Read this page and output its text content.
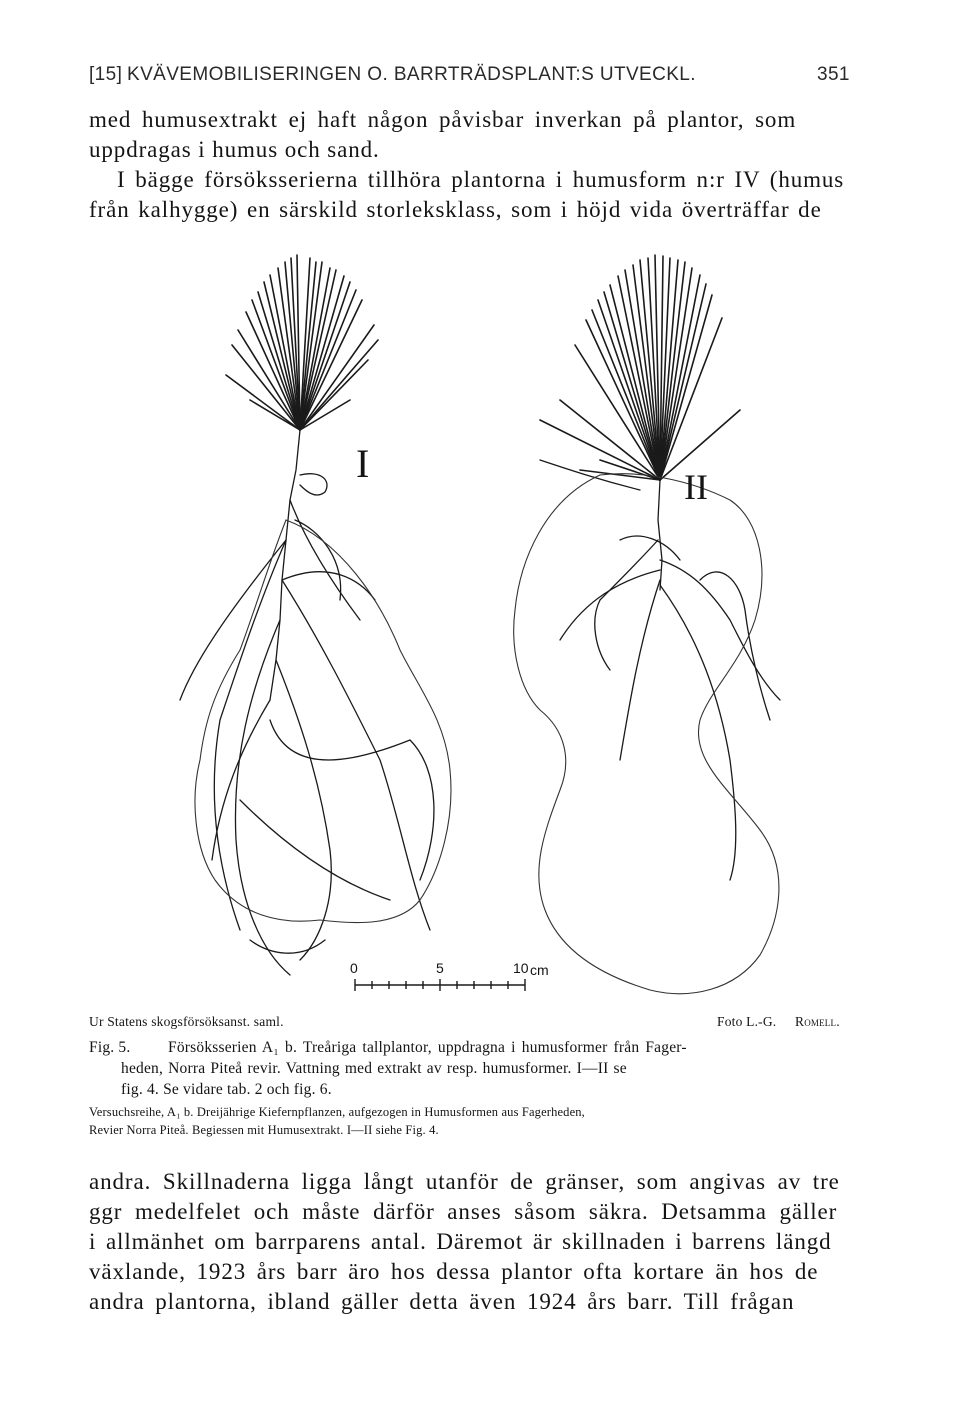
[15] KVÄVEMOBILISERINGEN O. BARRTRÄDSPLANT:S UTVECKL.	351
med humusextrakt ej haft någon påvisbar inverkan på plantor, som
uppdragas i humus och sand.
I bägge försöksserierna tillhöra plantorna i humusform n:r IV (humus
från kalhygge) en särskild storleksklass, som i höjd vida överträffar de
I
II
0	5	10 cm
Ur Statens skogsförsöksanst. saml.	Foto L.-G. Romell.
Fig. 5. Försöksserien A₁ b. Treåriga tallplantor, uppdragna i humusformer från Fager-
heden, Norra Piteå revir. Vattning med extrakt av resp. humusformer. I—II se
fig. 4. Se vidare tab. 2 och fig. 6.
Versuchsreihe, A₁ b. Dreijährige Kiefernpflanzen, aufgezogen in Humusformen aus Fagerheden,
Revier Norra Piteå. Begiessen mit Humusextrakt. I—II siehe Fig. 4.
andra. Skillnaderna ligga långt utanför de gränser, som angivas av tre
ggr medelfelet och måste därför anses såsom säkra. Detsamma gäller
i allmänhet om barrparens antal. Däremot är skillnaden i barrens längd
växlande, 1923 års barr äro hos dessa plantor ofta kortare än hos de
andra plantorna, ibland gäller detta även 1924 års barr. Till frågan
